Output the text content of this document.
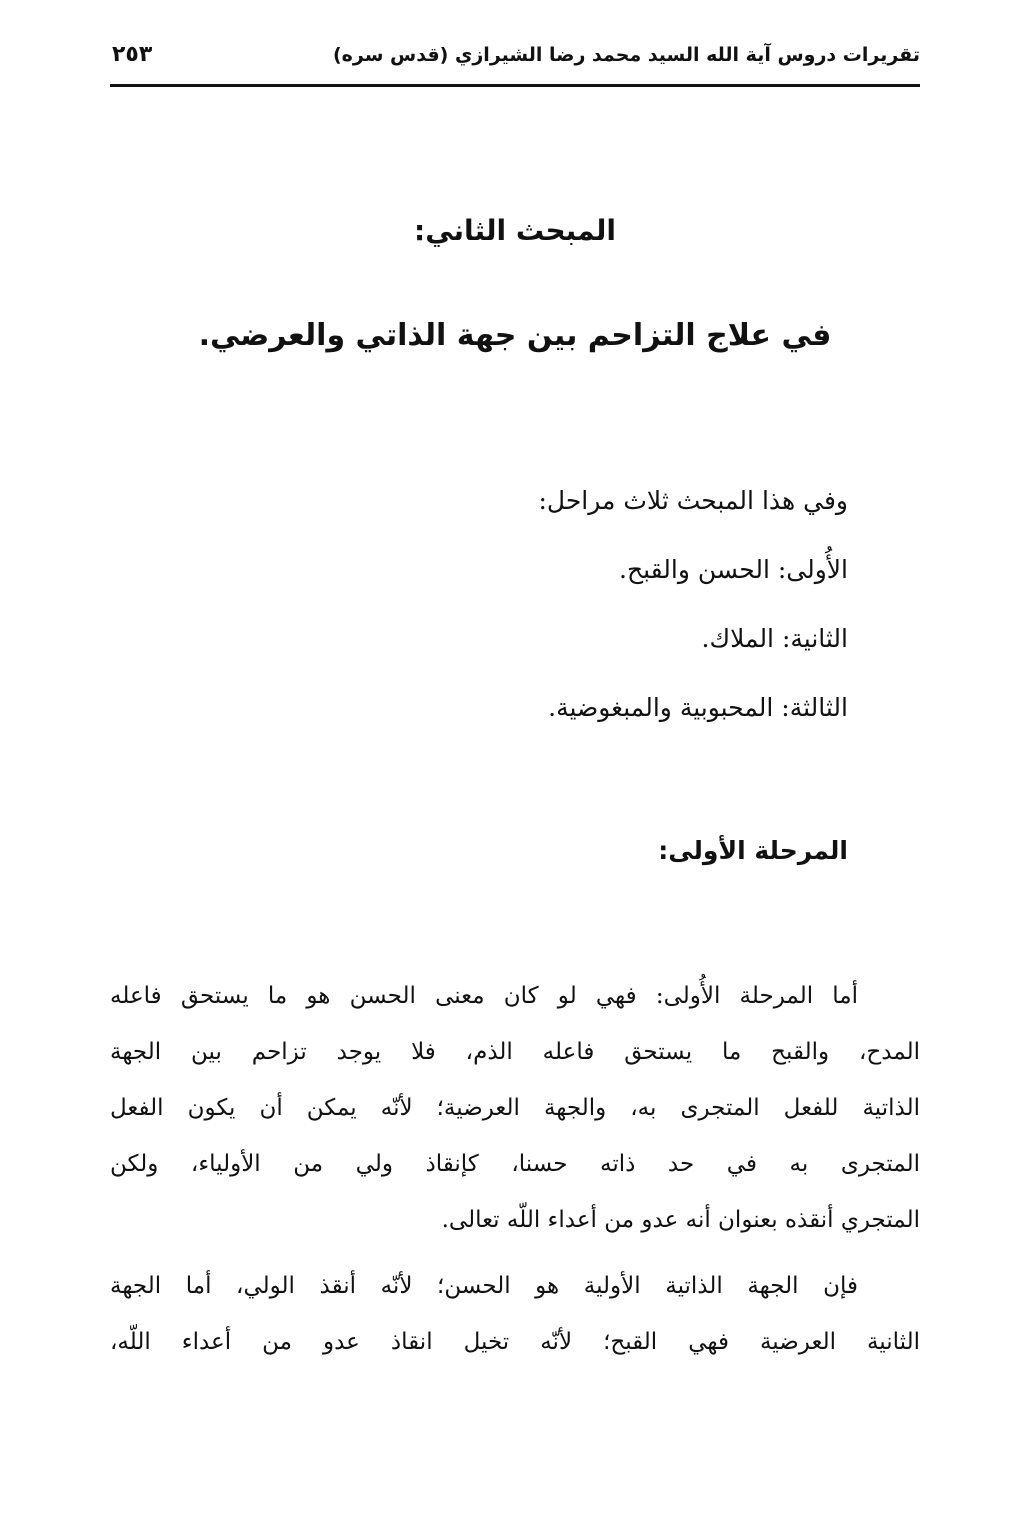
تقريرات دروس آية الله السيد محمد رضا الشيرازي (قدس سره)
٢٥٣
المبحث الثاني:
في علاج التزاحم بين جهة الذاتي والعرضي.
وفي هذا المبحث ثلاث مراحل:
الأُولى: الحسن والقبح.
الثانية: الملاك.
الثالثة: المحبوبية والمبغوضية.
المرحلة الأولى:
أما المرحلة الأُولى: فهي لو كان معنى الحسن هو ما يستحق فاعله
المدح، والقبح ما يستحق فاعله الذم، فلا يوجد تزاحم بين الجهة
الذاتية للفعل المتجرى به، والجهة العرضية؛ لأنّه يمكن أن يكون الفعل
المتجرى به في حد ذاته حسنا، كإنقاذ ولي من الأولياء، ولكن
المتجري أنقذه بعنوان أنه عدو من أعداء اللّه تعالى.
فإن الجهة الذاتية الأولية هو الحسن؛ لأنّه أنقذ الولي، أما الجهة
الثانية العرضية فهي القبح؛ لأنّه تخيل انقاذ عدو من أعداء اللّه،
